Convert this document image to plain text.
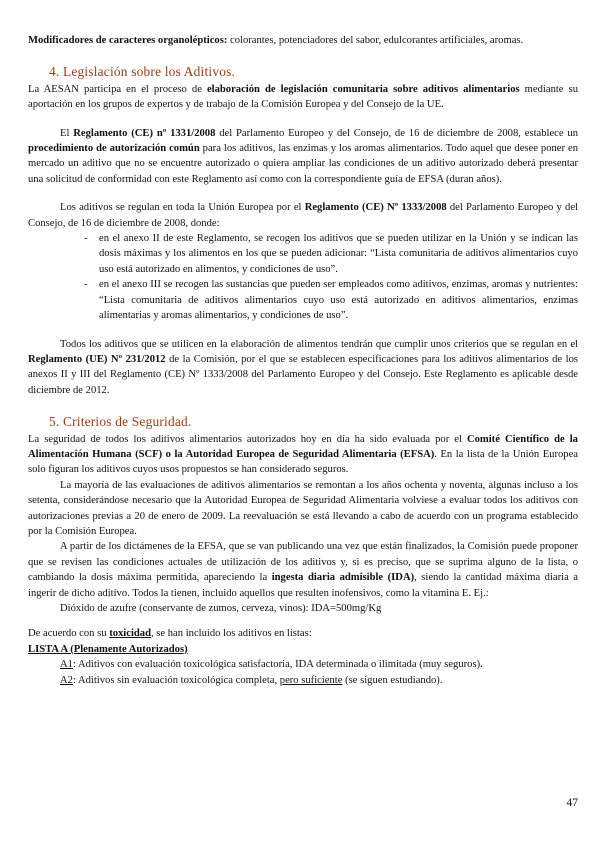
Modificadores de caracteres organolépticos: colorantes, potenciadores del sabor, edulcorantes artificiales, aromas.

4. Legislación sobre los Aditivos.

La AESAN participa en el proceso de elaboración de legislación comunitaria sobre aditivos alimentarios mediante su aportación en los grupos de expertos y de trabajo de la Comisión Europea y del Consejo de la UE.

El Reglamento (CE) nº 1331/2008 del Parlamento Europeo y del Consejo, de 16 de diciembre de 2008, establece un procedimiento de autorización común para los aditivos, las enzimas y los aromas alimentarios. Todo aquel que desee poner en mercado un aditivo que no se encuentre autorizado o quiera ampliar las condiciones de un aditivo autorizado deberá presentar una solicitud de conformidad con este Reglamento así como con la correspondiente guía de EFSA (duran años).

Los aditivos se regulan en toda la Unión Europea por el Reglamento (CE) Nº 1333/2008 del Parlamento Europeo y del Consejo, de 16 de diciembre de 2008, donde:

- en el anexo II de este Reglamento, se recogen los aditivos que se pueden utilizar en la Unión y se indican las dosis máximas y los alimentos en los que se pueden adicionar: “Lista comunitaria de aditivos alimentarios cuyo uso está autorizado en alimentos, y condiciones de uso”.
- en el anexo III se recogen las sustancias que pueden ser empleados como aditivos, enzimas, aromas y nutrientes: “Lista comunitaria de aditivos alimentarios cuyo uso está autorizado en aditivos alimentarios, enzimas alimentarias y aromas alimentarios, y condiciones de uso”.

Todos los aditivos que se utilicen en la elaboración de alimentos tendrán que cumplir unos criterios que se regulan en el Reglamento (UE) Nº 231/2012 de la Comisión, por el que se establecen especificaciones para los aditivos alimentarios de los anexos II y III del Reglamento (CE) Nº 1333/2008 del Parlamento Europeo y del Consejo. Este Reglamento es aplicable desde diciembre de 2012.

5. Criterios de Seguridad.

La seguridad de todos los aditivos alimentarios autorizados hoy en día ha sido evaluada por el Comité Científico de la Alimentación Humana (SCF) o la Autoridad Europea de Seguridad Alimentaria (EFSA). En la lista de la Unión Europea solo figuran los aditivos cuyos usos propuestos se han considerado seguros.

La mayoría de las evaluaciones de aditivos alimentarios se remontan a los años ochenta y noventa, algunas incluso a los setenta, considerándose necesario que la Autoridad Europea de Seguridad Alimentaria volviese a evaluar todos los aditivos con autorizaciones previas a 20 de enero de 2009. La reevaluación se está llevando a cabo de acuerdo con un programa establecido por la Comisión Europea.

A partir de los dictámenes de la EFSA, que se van publicando una vez que están finalizados, la Comisión puede proponer que se revisen las condiciones actuales de utilización de los aditivos y, si es preciso, que se suprima alguno de la lista, o cambiando la dosis máxima permitida, apareciendo la ingesta diaria admisible (IDA), siendo la cantidad máxima diaria a ingerir de dicho aditivo. Todos la tienen, incluido aquellos que resulten inofensivos, como la vitamina E. Ej.:

Dióxido de azufre (conservante de zumos, cerveza, vinos): IDA=500mg/Kg

De acuerdo con su toxicidad, se han incluido los aditivos en listas:

LISTA A (Plenamente Autorizados)

A1: Aditivos con evaluación toxicológica satisfactoria, IDA determinada o ilimitada (muy seguros).

A2: Aditivos sin evaluación toxicológica completa, pero suficiente (se siguen estudiando).

47
